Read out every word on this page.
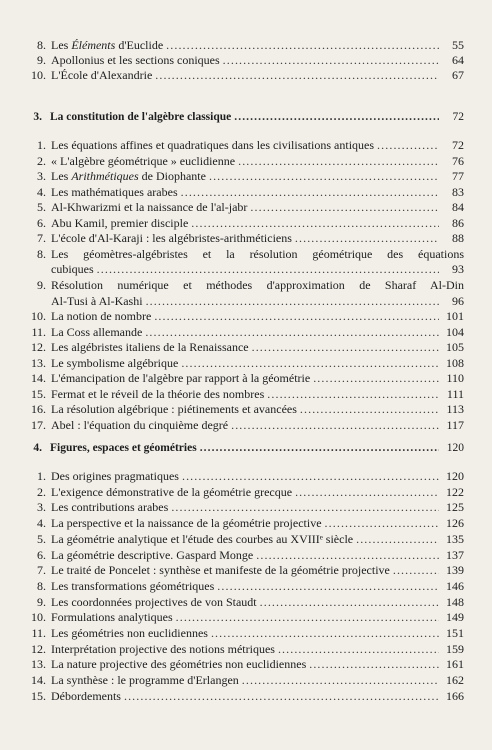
8. Les Éléments d'Euclide .....	55
9. Apollonius et les sections coniques .....	64
10. L'École d'Alexandrie .....	67
3. La constitution de l'algèbre classique .....	72
1. Les équations affines et quadratiques dans les civilisations antiques .....	72
2. « L'algèbre géométrique » euclidienne .....	76
3. Les Arithmétiques de Diophante .....	77
4. Les mathématiques arabes .....	83
5. Al-Khwarizmi et la naissance de l'al-jabr .....	84
6. Abu Kamil, premier disciple .....	86
7. L'école d'Al-Karaji : les algébristes-arithméticiens .....	88
8. Les géomètres-algébristes et la résolution géométrique des équations
cubiques .....	93
9. Résolution numérique et méthodes d'approximation de Sharaf Al-Din
Al-Tusi à Al-Kashi .....	96
10. La notion de nombre .....	101
11. La Coss allemande .....	104
12. Les algébristes italiens de la Renaissance .....	105
13. Le symbolisme algébrique .....	108
14. L'émancipation de l'algèbre par rapport à la géométrie .....	110
15. Fermat et le réveil de la théorie des nombres .....	111
16. La résolution algébrique : piétinements et avancées .....	113
17. Abel : l'équation du cinquième degré .....	117
4. Figures, espaces et géométries .....	120
1. Des origines pragmatiques .....	120
2. L'exigence démonstrative de la géométrie grecque .....	122
3. Les contributions arabes .....	125
4. La perspective et la naissance de la géométrie projective .....	126
5. La géométrie analytique et l'étude des courbes au XVIIIᵉ siècle .....	135
6. La géométrie descriptive. Gaspard Monge .....	137
7. Le traité de Poncelet : synthèse et manifeste de la géométrie projective .....	139
8. Les transformations géométriques .....	146
9. Les coordonnées projectives de von Staudt .....	148
10. Formulations analytiques .....	149
11. Les géométries non euclidiennes .....	151
12. Interprétation projective des notions métriques .....	159
13. La nature projective des géométries non euclidiennes .....	161
14. La synthèse : le programme d'Erlangen .....	162
15. Débordements .....	166
